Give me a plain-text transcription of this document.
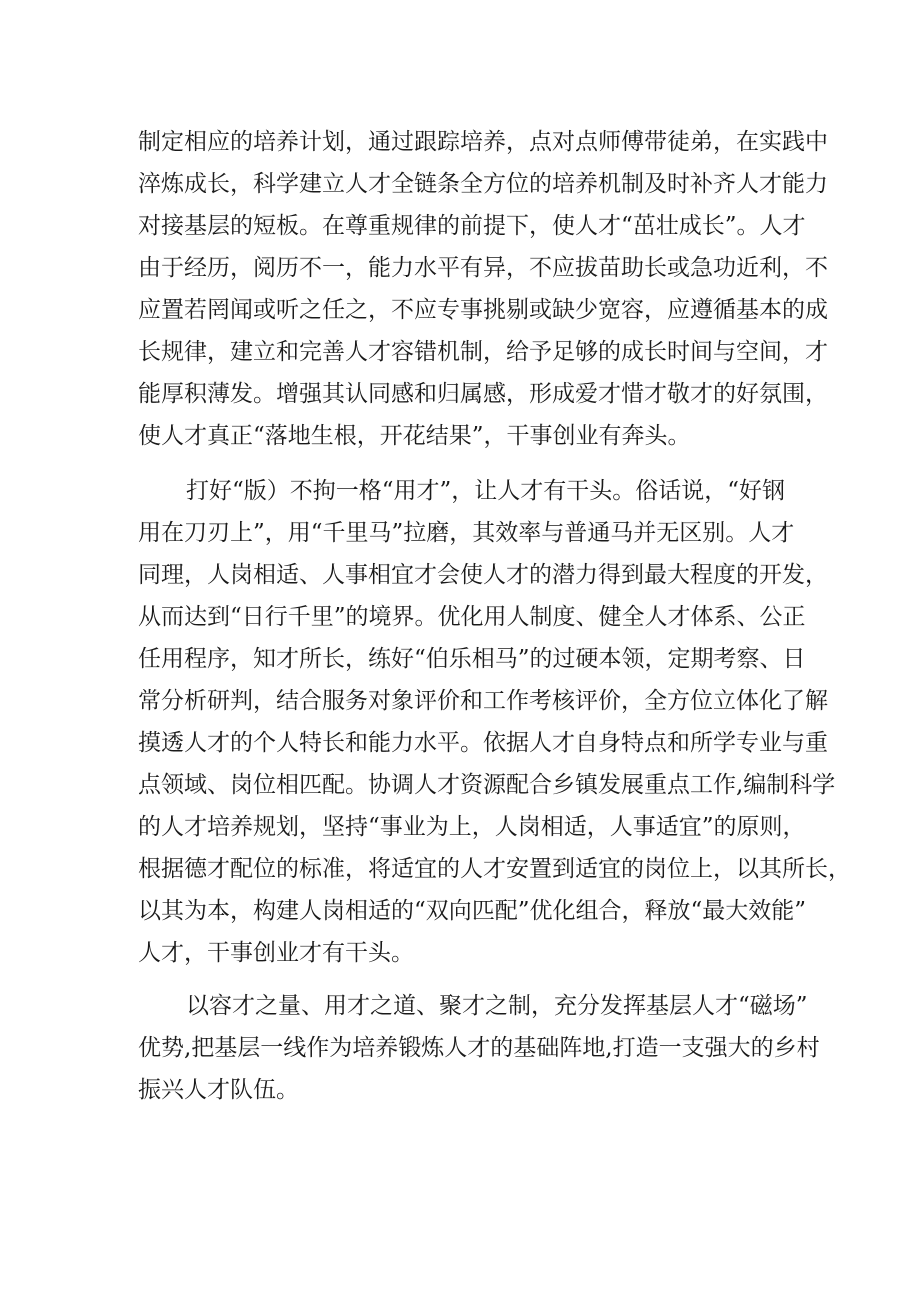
制定相应的培养计划，通过跟踪培养，点对点师傅带徒弟，在实践中
淬炼成长，科学建立人才全链条全方位的培养机制及时补齐人才能力
对接基层的短板。在尊重规律的前提下，使人才“茁壮成长”。人才
由于经历，阅历不一，能力水平有异，不应拔苗助长或急功近利，不
应置若罔闻或听之任之，不应专事挑剔或缺少宽容，应遵循基本的成
长规律，建立和完善人才容错机制，给予足够的成长时间与空间，才
能厚积薄发。增强其认同感和归属感，形成爱才惜才敬才的好氛围，
使人才真正“落地生根，开花结果”，干事创业有奔头。
打好“版）不拘一格“用才”，让人才有干头。俗话说，“好钢
用在刀刃上”，用“千里马”拉磨，其效率与普通马并无区别。人才
同理，人岗相适、人事相宜才会使人才的潜力得到最大程度的开发，
从而达到“日行千里”的境界。优化用人制度、健全人才体系、公正
任用程序，知才所长，练好“伯乐相马”的过硬本领，定期考察、日
常分析研判，结合服务对象评价和工作考核评价，全方位立体化了解
摸透人才的个人特长和能力水平。依据人才自身特点和所学专业与重
点领域、岗位相匹配。协调人才资源配合乡镇发展重点工作,编制科学
的人才培养规划，坚持“事业为上，人岗相适，人事适宜”的原则，
根据德才配位的标准，将适宜的人才安置到适宜的岗位上，以其所长，
以其为本，构建人岗相适的“双向匹配”优化组合，释放“最大效能”
人才，干事创业才有干头。
以容才之量、用才之道、聚才之制，充分发挥基层人才“磁场”
优势,把基层一线作为培养锻炼人才的基础阵地,打造一支强大的乡村
振兴人才队伍。
